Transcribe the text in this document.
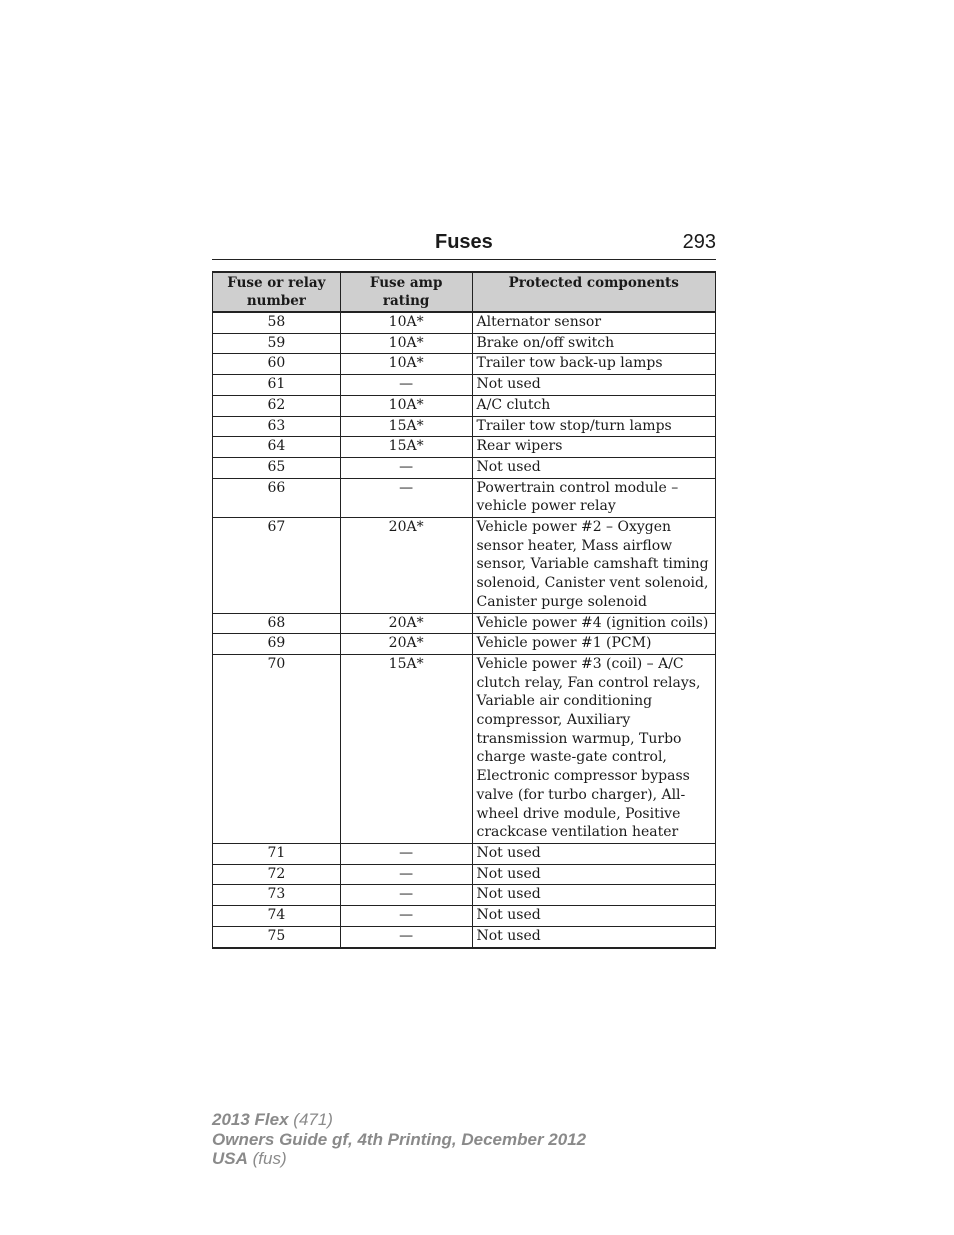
Fuses	293
Fuse or relay number	Fuse amp rating	Protected components
58	10A*	Alternator sensor
59	10A*	Brake on/off switch
60	10A*	Trailer tow back-up lamps
61	—	Not used
62	10A*	A/C clutch
63	15A*	Trailer tow stop/turn lamps
64	15A*	Rear wipers
65	—	Not used
66	—	Powertrain control module – vehicle power relay
67	20A*	Vehicle power #2 – Oxygen sensor heater, Mass airflow sensor, Variable camshaft timing solenoid, Canister vent solenoid, Canister purge solenoid
68	20A*	Vehicle power #4 (ignition coils)
69	20A*	Vehicle power #1 (PCM)
70	15A*	Vehicle power #3 (coil) – A/C clutch relay, Fan control relays, Variable air conditioning compressor, Auxiliary transmission warmup, Turbo charge waste-gate control, Electronic compressor bypass valve (for turbo charger), All-wheel drive module, Positive crackcase ventilation heater
71	—	Not used
72	—	Not used
73	—	Not used
74	—	Not used
75	—	Not used
2013 Flex (471)
Owners Guide gf, 4th Printing, December 2012
USA (fus)
